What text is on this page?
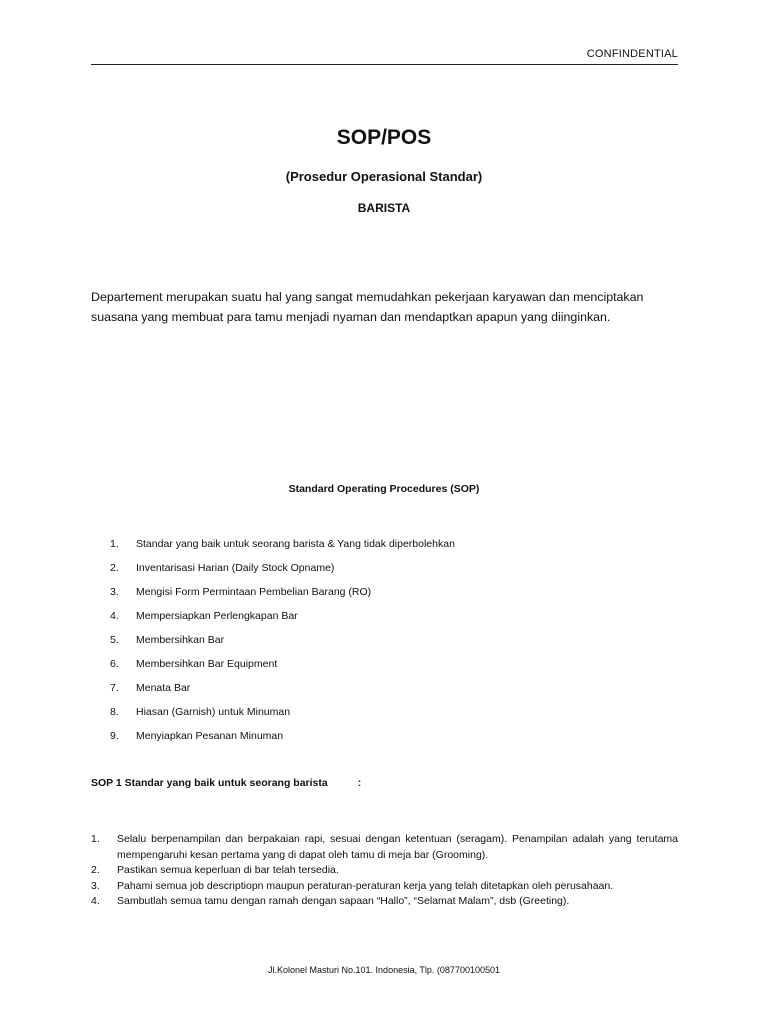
CONFINDENTIAL
SOP/POS
(Prosedur Operasional Standar)
BARISTA

Departement merupakan suatu hal yang sangat memudahkan pekerjaan karyawan dan menciptakan suasana yang membuat para tamu menjadi nyaman dan mendaptkan apapun yang diinginkan.

Standard Operating Procedures (SOP)
1.	Standar yang baik untuk seorang barista & Yang tidak diperbolehkan
2.	Inventarisasi Harian (Daily Stock Opname)
3.	Mengisi Form Permintaan Pembelian Barang (RO)
4.	Mempersiapkan Perlengkapan Bar
5.	Membersihkan Bar
6.	Membersihkan Bar Equipment
7.	Menata Bar
8.	Hiasan (Garnish) untuk Minuman
9.	Menyiapkan Pesanan Minuman
SOP 1 Standar yang baik untuk seorang barista	:
1.	Selalu berpenampilan dan berpakaian rapi, sesuai dengan ketentuan (seragam). Penampilan adalah yang terutama mempengaruhi kesan pertama yang di dapat oleh tamu di meja bar (Grooming).
2.	Pastikan semua keperluan di bar telah tersedia.
3.	Pahami semua job descriptiopn maupun peraturan-peraturan kerja yang telah ditetapkan oleh perusahaan.
4.	Sambutlah semua tamu dengan ramah dengan sapaan “Hallo”, “Selamat Malam”, dsb (Greeting).
Jl.Kolonel Masturi No.101. Indonesia, Tlp. (087700100501
